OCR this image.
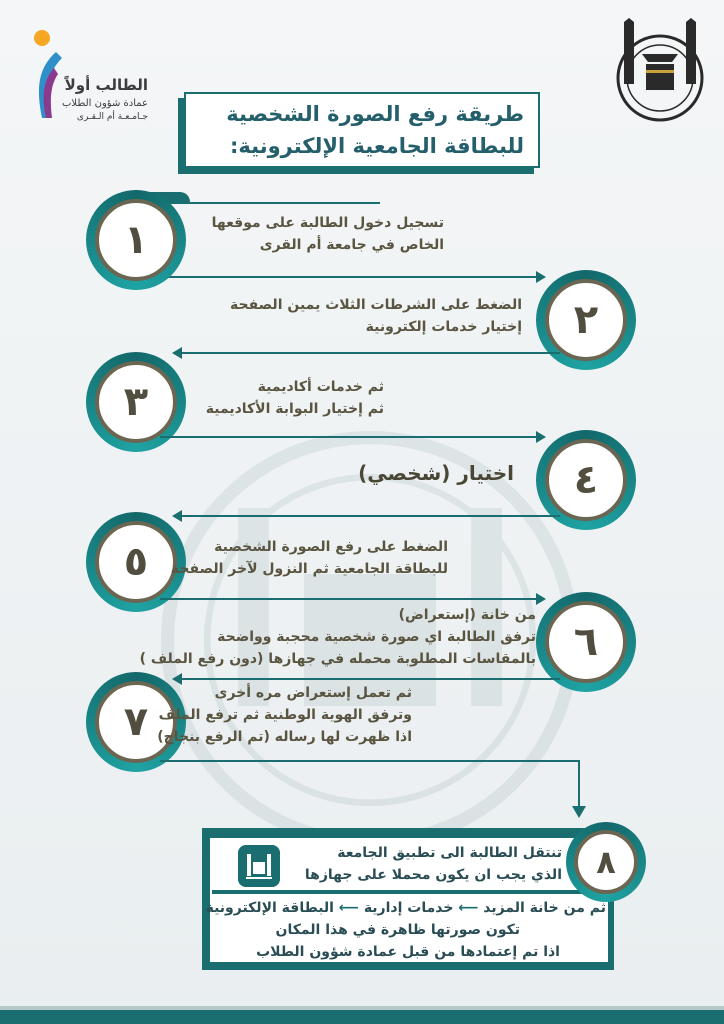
الطالب أولاً
عمادة شؤون الطلاب
جـامـعـة أم الـقـرى	طريقة رفع الصورة الشخصية
للبطاقة الجامعية الإلكترونية:
١	تسجيل دخول الطالبة على موقعها
الخاص في جامعة أم القرى
٢
الضغط على الشرطات الثلاث يمين الصفحة
إختيار خدمات إلكترونية
٣	ثم خدمات أكاديمية
ثم إختيار البوابة الأكاديمية
٤
اختيار (شخصي)
٥	الضغط على رفع الصورة الشخصية
للبطاقة الجامعية ثم النزول لآخر الصفحة
٦
من خانة (إستعراض)
ترفق الطالبة اي صورة شخصية محجبة وواضحة
بالمقاسات المطلوبة محمله في جهازها (دون رفع الملف )
٧
ثم تعمل إستعراض مره أخرى
وترفق الهوية الوطنية ثم ترفع الملف
اذا ظهرت لها رساله (تم الرفع بنجاح)
٨
تنتقل الطالبة الى تطبيق الجامعة
الذي يجب ان يكون محملا على جهازها
ثم من خانة المزيد ⟵ خدمات إدارية ⟵ البطاقة الإلكترونية
تكون صورتها ظاهرة في هذا المكان
اذا تم إعتمادها من قبل عمادة شؤون الطلاب
